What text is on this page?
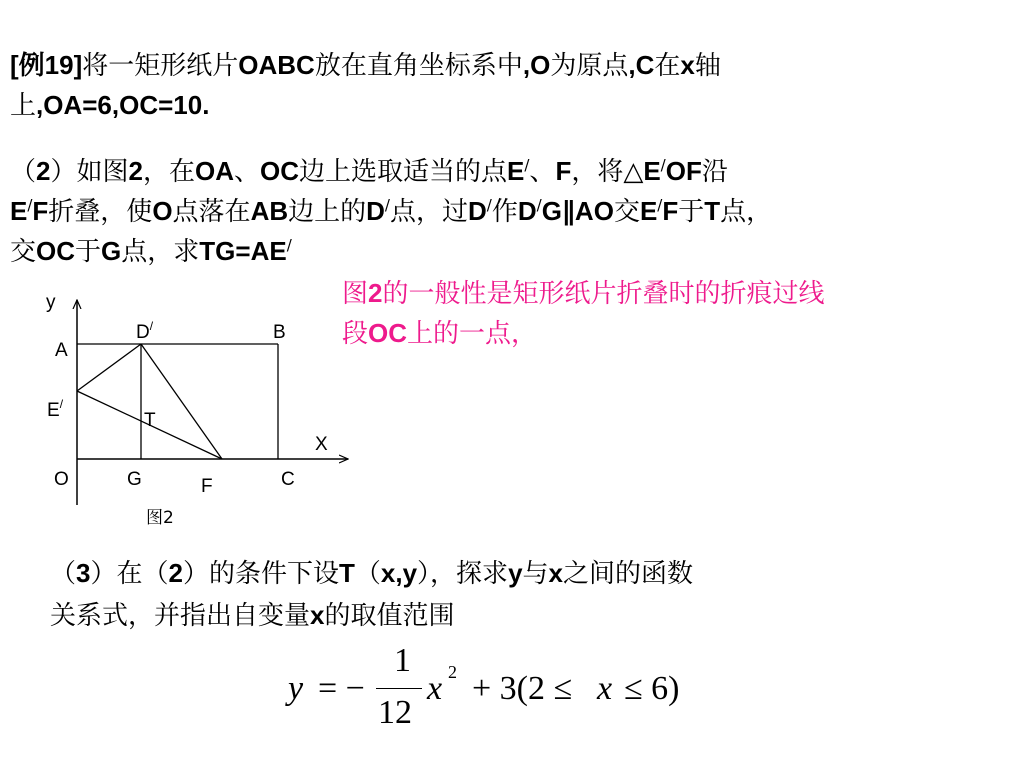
[例19]将一矩形纸片OABC放在直角坐标系中,O为原点,C在x轴
上,OA=6,OC=10.
（2）如图2，在OA、OC边上选取适当的点E/、F，将△E/OF沿
E/F折叠，使O点落在AB边上的D/点，过D/作D/G∥AO交E/F于T点，
交OC于G点，求TG=AE/
图2的一般性是矩形纸片折叠时的折痕过线
段OC上的一点，
y
D/	B
A
E/
T
X
O	G	C
F
图2
（3）在（2）的条件下设T（x,y），探求y与x之间的函数
关系式，并指出自变量x的取值范围
y = −
1
12
x 2 + 3(2 ≤ x ≤ 6)
